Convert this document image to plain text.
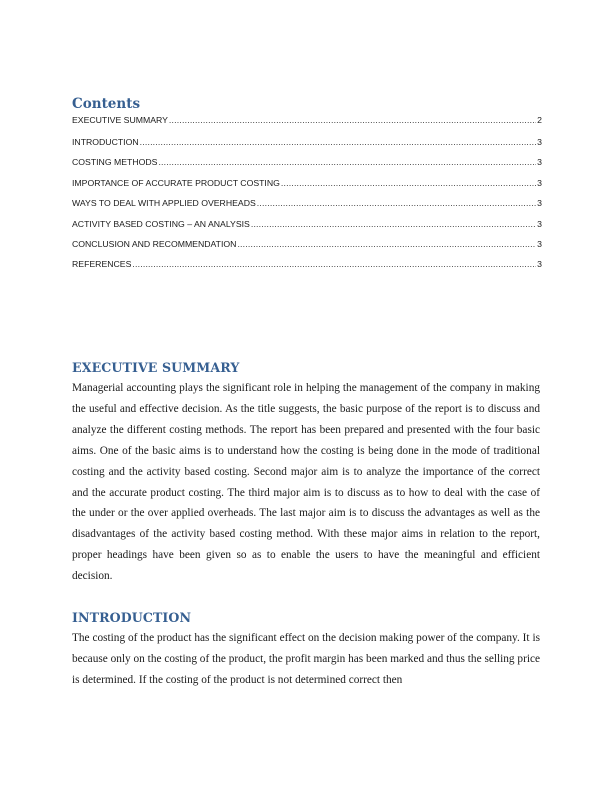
Contents
EXECUTIVE SUMMARY .....	2
INTRODUCTION .....	3
COSTING METHODS .....	3
IMPORTANCE OF ACCURATE PRODUCT COSTING .....	3
WAYS TO DEAL WITH APPLIED OVERHEADS .....	3
ACTIVITY BASED COSTING – AN ANALYSIS .....	3
CONCLUSION AND RECOMMENDATION .....	3
REFERENCES .....	3
EXECUTIVE SUMMARY

Managerial accounting plays the significant role in helping the management of the company in making the useful and effective decision. As the title suggests, the basic purpose of the report is to discuss and analyze the different costing methods. The report has been prepared and presented with the four basic aims. One of the basic aims is to understand how the costing is being done in the mode of traditional costing and the activity based costing. Second major aim is to analyze the importance of the correct and the accurate product costing. The third major aim is to discuss as to how to deal with the case of the under or the over applied overheads. The last major aim is to discuss the advantages as well as the disadvantages of the activity based costing method. With these major aims in relation to the report, proper headings have been given so as to enable the users to have the meaningful and efficient decision.

INTRODUCTION

The costing of the product has the significant effect on the decision making power of the company. It is because only on the costing of the product, the profit margin has been marked and thus the selling price is determined. If the costing of the product is not determined correct then
